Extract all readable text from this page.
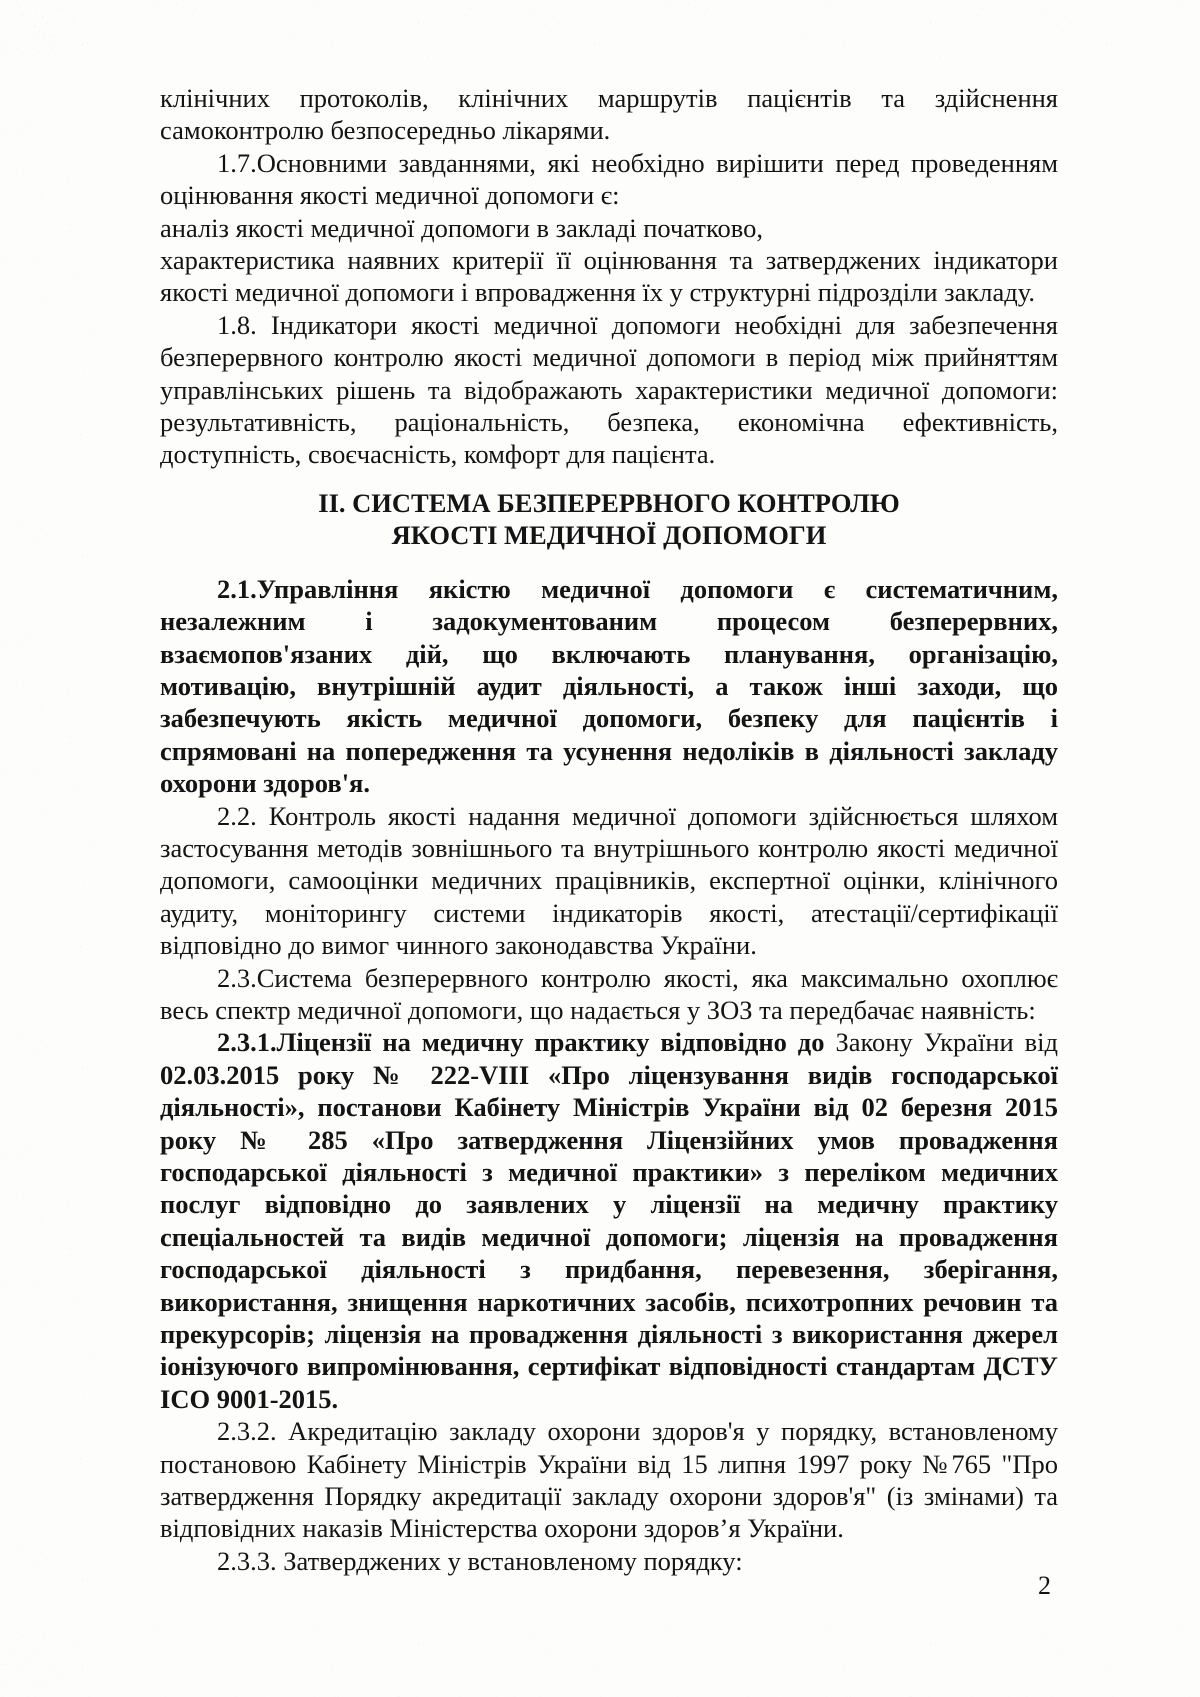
клінічних протоколів, клінічних маршрутів пацієнтів та здійснення самоконтролю безпосередньо лікарями.

1.7.Основними завданнями, які необхідно вирішити перед проведенням оцінювання якості медичної допомоги є:

аналіз якості медичної допомоги в закладі початково,

характеристика наявних критерії її оцінювання та затверджених індикатори якості медичної допомоги і впровадження їх у структурні підрозділи закладу.

1.8. Індикатори якості медичної допомоги необхідні для забезпечення безперервного контролю якості медичної допомоги в період між прийняттям управлінських рішень та відображають характеристики медичної допомоги: результативність, раціональність, безпека, економічна ефективність, доступність, своєчасність, комфорт для пацієнта.

ІІ. СИСТЕМА БЕЗПЕРЕРВНОГО КОНТРОЛЮ
ЯКОСТІ МЕДИЧНОЇ ДОПОМОГИ

2.1.Управління якістю медичної допомоги є систематичним, незалежним і задокументованим процесом безперервних, взаємопов'язаних дій, що включають планування, організацію, мотивацію, внутрішній аудит діяльності, а також інші заходи, що забезпечують якість медичної допомоги, безпеку для пацієнтів і спрямовані на попередження та усунення недоліків в діяльності закладу охорони здоров'я.

2.2. Контроль якості надання медичної допомоги здійснюється шляхом застосування методів зовнішнього та внутрішнього контролю якості медичної допомоги, самооцінки медичних працівників, експертної оцінки, клінічного аудиту, моніторингу системи індикаторів якості, атестації/сертифікації відповідно до вимог чинного законодавства України.

2.3.Система безперервного контролю якості, яка максимально охоплює весь спектр медичної допомоги, що надається у ЗОЗ та передбачає наявність:

2.3.1.Ліцензії на медичну практику відповідно до Закону України від 02.03.2015 року № 222-VIII «Про ліцензування видів господарської діяльності», постанови Кабінету Міністрів України від 02 березня 2015 року № 285 «Про затвердження Ліцензійних умов провадження господарської діяльності з медичної практики» з переліком медичних послуг відповідно до заявлених у ліцензії на медичну практику спеціальностей та видів медичної допомоги; ліцензія на провадження господарської діяльності з придбання, перевезення, зберігання, використання, знищення наркотичних засобів, психотропних речовин та прекурсорів; ліцензія на провадження діяльності з використання джерел іонізуючого випромінювання, сертифікат відповідності стандартам ДСТУ ІСО 9001-2015.

2.3.2. Акредитацію закладу охорони здоров'я у порядку, встановленому постановою Кабінету Міністрів України від 15 липня 1997 року №765 "Про затвердження Порядку акредитації закладу охорони здоров'я" (із змінами) та відповідних наказів Міністерства охорони здоров’я України.

2.3.3. Затверджених у встановленому порядку:

2
